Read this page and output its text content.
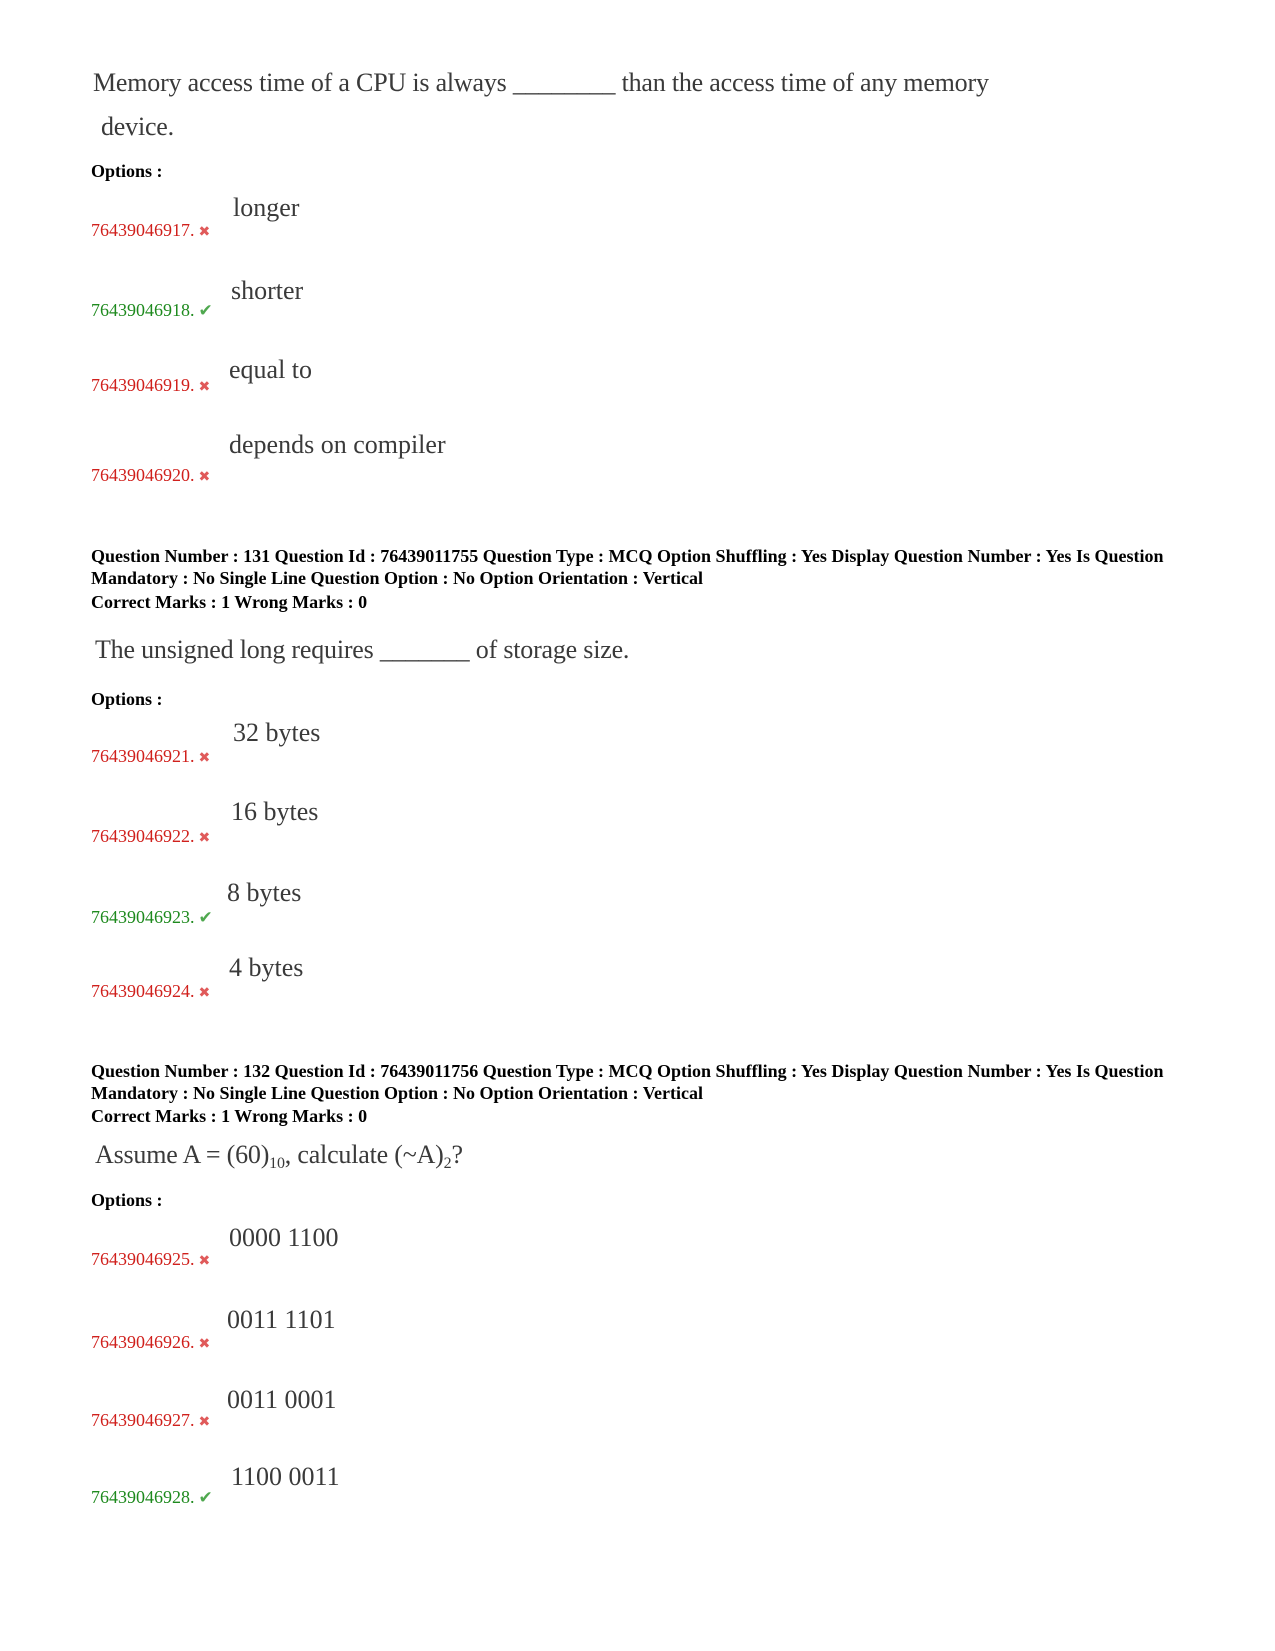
Memory access time of a CPU is always ________ than the access time of any memory
device.
Options :
longer
76439046917. ✖
shorter
76439046918. ✔
equal to
76439046919. ✖
depends on compiler
76439046920. ✖
Question Number : 131 Question Id : 76439011755 Question Type : MCQ Option Shuffling : Yes Display Question Number : Yes Is Question Mandatory : No Single Line Question Option : No Option Orientation : Vertical
Correct Marks : 1 Wrong Marks : 0
The unsigned long requires _______ of storage size.
Options :
32 bytes
76439046921. ✖
16 bytes
76439046922. ✖
8 bytes
76439046923. ✔
4 bytes
76439046924. ✖
Question Number : 132 Question Id : 76439011756 Question Type : MCQ Option Shuffling : Yes Display Question Number : Yes Is Question Mandatory : No Single Line Question Option : No Option Orientation : Vertical
Correct Marks : 1 Wrong Marks : 0
Assume $A = (60)_{10}$, calculate $(\sim A)_2$?
Options :
0000 1100
76439046925. ✖
0011 1101
76439046926. ✖
0011 0001
76439046927. ✖
1100 0011
76439046928. ✔
